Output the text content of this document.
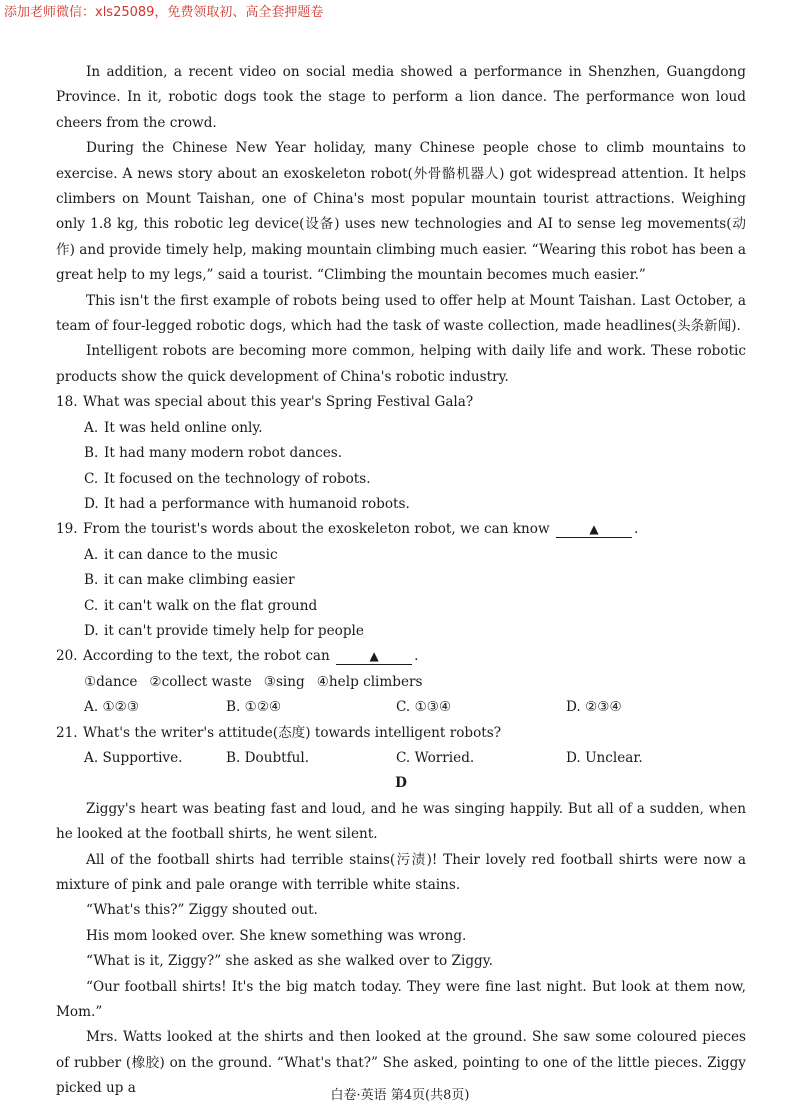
添加老师微信：xls25089，免费领取初、高全套押题卷

In addition, a recent video on social media showed a performance in Shenzhen, Guangdong Province. In it, robotic dogs took the stage to perform a lion dance. The performance won loud cheers from the crowd.

During the Chinese New Year holiday, many Chinese people chose to climb mountains to exercise. A news story about an exoskeleton robot(外骨骼机器人) got widespread attention. It helps climbers on Mount Taishan, one of China's most popular mountain tourist attractions. Weighing only 1.8 kg, this robotic leg device(设备) uses new technologies and AI to sense leg movements(动作) and provide timely help, making mountain climbing much easier. “Wearing this robot has been a great help to my legs,” said a tourist. “Climbing the mountain becomes much easier.”

This isn't the first example of robots being used to offer help at Mount Taishan. Last October, a team of four-legged robotic dogs, which had the task of waste collection, made headlines(头条新闻).

Intelligent robots are becoming more common, helping with daily life and work. These robotic products show the quick development of China's robotic industry.

18. What was special about this year's Spring Festival Gala?

A. It was held online only.

B. It had many modern robot dances.

C. It focused on the technology of robots.

D. It had a performance with humanoid robots.

19. From the tourist's words about the exoskeleton robot, we can know	▲	.

A. it can dance to the music

B. it can make climbing easier

C. it can't walk on the flat ground

D. it can't provide timely help for people

20. According to the text, the robot can	▲	.

①dance ②collect waste ③sing ④help climbers

A. ①②③	B. ①②④	C. ①③④	D. ②③④

21. What's the writer's attitude(态度) towards intelligent robots?

A. Supportive.	B. Doubtful.	C. Worried.	D. Unclear.

D

Ziggy's heart was beating fast and loud, and he was singing happily. But all of a sudden, when he looked at the football shirts, he went silent.

All of the football shirts had terrible stains(污渍)! Their lovely red football shirts were now a mixture of pink and pale orange with terrible white stains.

“What's this?” Ziggy shouted out.

His mom looked over. She knew something was wrong.

“What is it, Ziggy?” she asked as she walked over to Ziggy.

“Our football shirts! It's the big match today. They were fine last night. But look at them now, Mom.”

Mrs. Watts looked at the shirts and then looked at the ground. She saw some coloured pieces of rubber (橡胶) on the ground. “What's that?” She asked, pointing to one of the little pieces. Ziggy picked up a	白卷·英语 第4页(共8页)
